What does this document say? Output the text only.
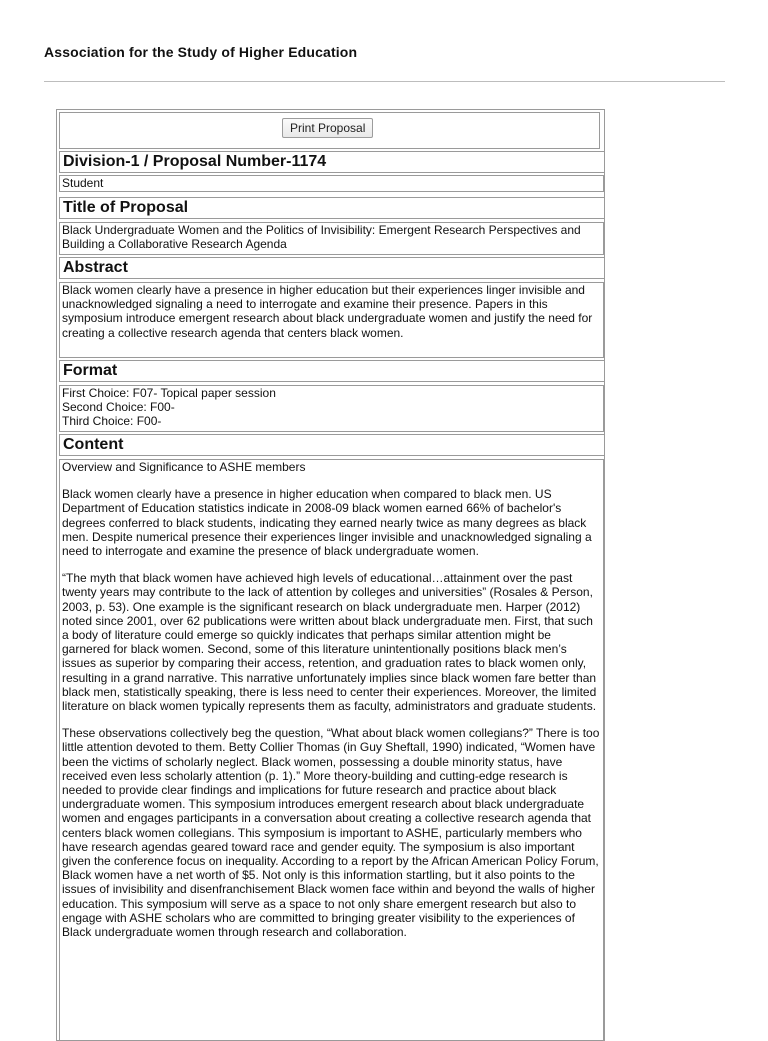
Association for the Study of Higher Education
Print Proposal
Division-1 / Proposal Number-1174
Student
Title of Proposal
Black Undergraduate Women and the Politics of Invisibility: Emergent Research Perspectives and Building a Collaborative Research Agenda
Abstract
Black women clearly have a presence in higher education but their experiences linger invisible and unacknowledged signaling a need to interrogate and examine their presence. Papers in this symposium introduce emergent research about black undergraduate women and justify the need for creating a collective research agenda that centers black women.
Format
First Choice: F07- Topical paper session
Second Choice: F00-
Third Choice: F00-
Content

Overview and Significance to ASHE members

Black women clearly have a presence in higher education when compared to black men. US Department of Education statistics indicate in 2008-09 black women earned 66% of bachelor's degrees conferred to black students, indicating they earned nearly twice as many degrees as black men. Despite numerical presence their experiences linger invisible and unacknowledged signaling a need to interrogate and examine the presence of black undergraduate women.

“The myth that black women have achieved high levels of educational…attainment over the past twenty years may contribute to the lack of attention by colleges and universities” (Rosales & Person, 2003, p. 53). One example is the significant research on black undergraduate men. Harper (2012) noted since 2001, over 62 publications were written about black undergraduate men. First, that such a body of literature could emerge so quickly indicates that perhaps similar attention might be garnered for black women. Second, some of this literature unintentionally positions black men’s issues as superior by comparing their access, retention, and graduation rates to black women only, resulting in a grand narrative. This narrative unfortunately implies since black women fare better than black men, statistically speaking, there is less need to center their experiences. Moreover, the limited literature on black women typically represents them as faculty, administrators and graduate students.

These observations collectively beg the question, “What about black women collegians?” There is too little attention devoted to them. Betty Collier Thomas (in Guy Sheftall, 1990) indicated, “Women have been the victims of scholarly neglect. Black women, possessing a double minority status, have received even less scholarly attention (p. 1).” More theory-building and cutting-edge research is needed to provide clear findings and implications for future research and practice about black undergraduate women. This symposium introduces emergent research about black undergraduate women and engages participants in a conversation about creating a collective research agenda that centers black women collegians. This symposium is important to ASHE, particularly members who have research agendas geared toward race and gender equity. The symposium is also important given the conference focus on inequality. According to a report by the African American Policy Forum, Black women have a net worth of $5. Not only is this information startling, but it also points to the issues of invisibility and disenfranchisement Black women face within and beyond the walls of higher education. This symposium will serve as a space to not only share emergent research but also to engage with ASHE scholars who are committed to bringing greater visibility to the experiences of Black undergraduate women through research and collaboration.
